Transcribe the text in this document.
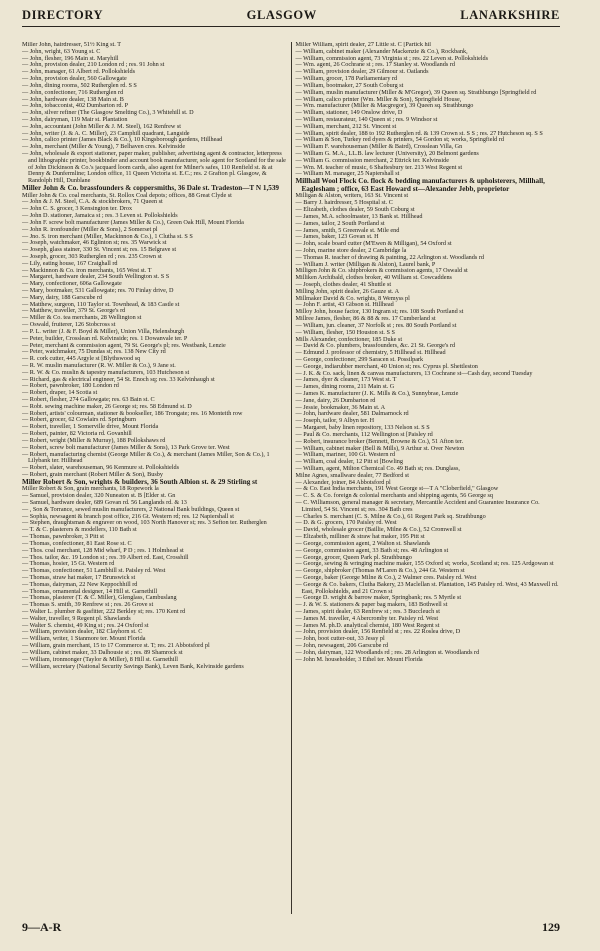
DIRECTORY	GLASGOW	LANARKSHIRE

Miller John, hairdresser, 51½ King st. T

— John, wright, 63 Young st. C

— John, flesher, 196 Main st. Maryhill

— John, provision dealer, 210 London rd ; res. 91 John st

— John, manager, 61 Albert rd. Pollokshields

— John, provision dealer, 560 Gallowgate

— John, dining rooms, 502 Rutherglen rd. S S

— John, confectioner, 716 Rutherglen rd

— John, hardware dealer, 138 Main st. B

— John, tobacconist, 402 Dumbarton rd. P

— John, silver refiner (The Glasgow Smelting Co.), 3 Whitehill st. D

— John, dairyman, 119 Mair st. Plantation

— John, accountant (John Miller & J. M. Steel), 162 Renfrew st

— John, writer (J. & A. C. Miller), 23 Camphill quadrant, Langside

— John, calico printer (James Black & Co.), 10 Kingsborough gardens, Hillhead

— John, merchant (Miller & Young), 7 Belhaven cres. Kelvinside

— John, wholesale & export stationer, paper maker, publisher, advertising agent & contractor, letterpress and lithographic printer, bookbinder and account book manufacturer, sole agent for Scotland for the sale of John Dickinson & Co.'s jacquard loom cards, also agent for Milner's safes, 110 Renfield st. & at Denny & Dunfermline; London office, 11 Queen Victoria st. E.C.; res. 2 Grafton pl. Glasgow, & Randolph Hill, Dunblane

Miller John & Co. brassfounders & coppersmiths, 36 Dale st. Tradeston—T N 1,539

Miller John & Co. coal merchants, St. Rollox Coal depots; offices, 88 Great Clyde st

— John & J. M. Steel, C.A. & stockbrokers, 71 Queen st

— John C. S. grocer, 3 Kensington ter. Drox

— John D. stationer, Jamaica st ; res. 3 Leven st. Pollokshields

— John F. screw bolt manufacturer (James Miller & Co.), Green Oak Hill, Mount Florida

— John R. ironfounder (Miller & Sons), 2 Somerset pl

— Jno. S. iron merchant (Miller, Mackinnon & Co.), 1 Clutha st. S S

— Joseph, watchmaker, 46 Eglinton st; res. 35 Warwick st

— Joseph, glass stainer, 330 St. Vincent st; res. 15 Belgrave st

— Joseph, grocer, 303 Rutherglen rd ; res. 235 Crown st

— Lily, eating house, 167 Craighall rd

— Mackinnon & Co. iron merchants, 165 West st. T

— Margaret, hardware dealer, 234 South Wellington st. S S

— Mary, confectioner, 606a Gallowgate

— Mary, bootmaker, 531 Gallowgate; res. 70 Finlay drive, D

— Mary, dairy, 188 Garscube rd

— Matthew, surgeon, 110 Taylor st. Townhead, & 183 Castle st

— Matthew, traveller, 379 St. George's rd

— Miller & Co. tea merchants, 28 Wellington st

— Oswald, fruiterer, 126 Stobcross st

— P. L. writer (J. & F. Boyd & Miller), Union Villa, Helensburgh

— Peter, builder, Crosslean rd. Kelvinside; res. 1 Dowanvale ter. P

— Peter, merchant & commission agent, 79 St. George's pl; res. Westbank, Lenzie

— Peter, watchmaker, 75 Dundas st; res. 138 New City rd

— R. cork cutter, 445 Argyle st [Blythswood sq

— R. W. muslin manufacturer (R. W. Miller & Co.), 9 Jane st.

— R. W. & Co. muslin & tapestry manufacturers, 103 Hutcheson st

— Richard, gas & electrical engineer, 54 St. Enoch sq; res. 33 Kelvinhaugh st

— Robert, pawnbroker, 180 London rd

— Robert, draper, 14 Scotia st

— Robert, flesher, 274 Gallowgate; res. 63 Bain st. C

— Robt. sewing machine maker, 26 George st; res. 58 Edmund st. D

— Robert, artists' colourman, stationer & bookseller, 186 Trongate; res. 16 Monteith row

— Robert, grocer, 62 Cowlairs rd. Springburn

— Robert, traveller, 1 Somerville drive, Mount Florida

— Robert, painter, 82 Victoria rd. Govanhill

— Robert, wright (Miller & Murray), 188 Pollokshaws rd

— Robert, screw bolt manufacturer (James Miller & Sons), 13 Park Grove ter. West

— Robert, manufacturing chemist (George Miller & Co.), & merchant (James Miller, Son & Co.), 1 Lilybank ter. Hillhead

— Robert, slater, warehouseman, 96 Kenmure st. Pollokshields

— Robert, grain merchant (Robert Miller & Son), Busby

Miller Robert & Son, wrights & builders, 36 South Albion st. & 29 Stirling st

Miller Robert & Son, grain merchants, 18 Ropework la

— Samuel, provision dealer, 320 Nuneaton st. B [Elder st. Gn

— Samuel, hardware dealer, 689 Govan rd. 56 Langlands rd. & 13

— , Son & Torrance, sewed muslin manufacturers, 2 National Bank buildings, Queen st

— Sophia, newsagent & branch post office, 216 Gt. Western rd; res. 12 Napiershall st

— Stephen, draughtsman & engraver on wood, 103 North Hanover st; res. 3 Sefton ter. Rutherglen

— T. & C. plasterers & modellers, 110 Bath st

— Thomas, pawnbroker, 3 Pitt st

— Thomas, confectioner, 81 East Rose st. C

— Thos. coal merchant, 128 Mid wharf, P D ; res. 1 Holmhead st

— Thos. tailor, &c. 19 London st ; res. 39 Albert rd. East, Crosshill

— Thomas, hosier, 15 Gt. Western rd

— Thomas, confectioner, 51 Lambhill st. Paisley rd. West

— Thomas, straw hat maker, 17 Brunswick st

— Thomas, dairyman, 22 New Keppochhill rd

— Thomas, ornamental designer, 14 Hill st. Garnethill

— Thomas, plasterer (T. & C. Miller), Glenglass, Cambuslang

— Thomas S. smith, 39 Renfrew st ; res. 26 Grove st

— Walter L. plumber & gasfitter, 222 Berkley st; res. 170 Kent rd

— Walter, traveller, 9 Regent pl. Shawlands

— Walter S. chemist, 49 King st ; res. 24 Oxford st

— William, provision dealer, 182 Clayhorn st. C

— William, writer, 1 Stanmore ter. Mount Florida

— William, grain merchant, 15 to 17 Commerce st. T; res. 21 Abbotsford pl

— William, cabinet maker, 33 Dalhousie st ; res. 89 Shamrock st

— William, ironmonger (Taylor & Miller), 8 Hill st. Garnethill

— William, secretary (National Security Savings Bank), Leven Bank, Kelvinside gardens

Miller William, spirit dealer, 27 Little st. C [Partick hil

— William, cabinet maker (Alexander Mackenzie & Co.), Rockbank,

— William, commission agent, 73 Virginia st ; res. 22 Leven st. Pollokshields

— Wm. agent, 26 Cochrane st ; res. 17 Stanley st. Woodlands rd

— William, provision dealer, 29 Gilmour st. Oatlands

— William, grocer, 178 Parliamentary rd

— William, bootmaker, 27 South Coburg st

— William, muslin manufacturer (Miller & M'Gregor), 39 Queen sq. Strathbungo [Springfield rd

— William, calico printer (Wm. Miller & Son), Springfield House,

— Wm. manufacturer (Miller & Macgregor), 39 Queen sq. Strathbungo

— William, stationer, 149 Onslow drive, D

— William, restaurateur, 140 Queen st ; res. 9 Windsor st

— William, merchant, 212 St. Vincent st

— William, spirit dealer, 188 to 192 Rutherglen rd. & 139 Crown st. S S ; res. 27 Hutcheson sq. S S

— William & Son, Turkey red dyers & printers, 54 Gordon st; works, Springfield rd

— William F. warehouseman (Miller & Baird), Crosslean Villa, Gn

— William G. M.A., LL.B. law lecturer (University), 20 Belmont gardens

— William G. commission merchant, 2 Ettrick ter. Kelvinside

— Wm. M. teacher of music, 6 Shaftesbury ter. 213 West Regent st

— William M. manager, 25 Napiershall st

Millhall Wool Flock Co. flock & bedding manufacturers & upholsterers, Millhall, Eaglesham ; office, 63 East Howard st—Alexander Jebb, proprietor

Milligan & Alston, writers, 163 St. Vincent st

— Barry J. hairdresser, 5 Hospital st. C

— Elizabeth, clothes dealer, 59 South Coburg st

— James, M.A. schoolmaster, 13 Bank st. Hillhead

— James, tailor, 2 South Portland st

— James, smith, 5 Greenvale st. Mile end

— James, baker, 123 Govan st. H

— John, scale board cutter (M'Ewen & Milligan), 54 Oxford st

— John, marine store dealer, 2 Cambridge la

— Thomas R. teacher of drawing & painting, 22 Arlington st. Woodlands rd

— William J. writer (Milligan & Alston), Laurel bank, P

Milligen John & Co. shipbrokers & commission agents, 17 Oswald st

Milliken Archibald, clothes broker, 40 William st. Cowcaddens

— Joseph, clothes dealer, 41 Shuttle st

Milling John, spirit dealer, 26 Gauze st. A

Millmaker David & Co. wrights, 8 Wemyss pl

— John F. artist, 43 Gibson st. Hillhead

Milloy John, house factor, 130 Ingram st; res. 108 South Portland st

Millree James, flesher, 86 & 88 & res. 17 Cumberland st

— William, jun. cleaner, 37 Norfolk st ; res. 80 South Portland st

— William, flesher, 150 Houston st. S S

Mills Alexander, confectioner, 185 Duke st

— David & Co. plumbers, brassfounders, &c. 21 St. George's rd

— Edmund J. professor of chemistry, 5 Hillhead st. Hillhead

— George, confectioner, 299 Saracen st. Possilpark

— George, indiarubber merchant, 40 Union st; res. Cyprus pl. Shettleston

— J. K. & Co. sack, linen & canvas manufacturers, 13 Cochrane st—Cash day, second Tuesday

— James, dyer & cleaner, 173 West st. T

— James, dining rooms, 211 Main st. G

— James K. manufacturer (J. K. Mills & Co.), Sunnybrae, Lenzie

— Jane, dairy, 26 Dumbarton rd

— Jessie, bookmaker, 36 Main st. A

— John, hardware dealer, 581 Dalmarnock rd

— Joseph, tailor, 9 Albyn ter. H

— Margaret, baby linen repository, 133 Nelson st. S S

— Paul & Co. merchants, 112 Wellington st [Paisley rd

— Robert, insurance broker (Bennett, Browne & Co.), 51 Afton ter.

— William, cabinet maker (Bell & Mills), 9 Arthur st. Over Newton

— William, mariner, 100 Gt. Western rd

— William, coal dealer, 12 Pitt st [Bowling

— William, agent, Milton Chemical Co. 49 Bath st; res. Dunglass,

Milne Agnes, smallware dealer, 77 Bedford st

— Alexander, joiner, 84 Abbotsford pl

— & Co. East India merchants, 191 West George st—T A "Cloberfield," Glasgow

— C. S. & Co. foreign & colonial merchants and shipping agents, 56 George sq

— C. Williamson, general manager & secretary, Mercantile Accident and Guarantee Insurance Co. Limited, 54 St. Vincent st; res. 304 Bath cres

— Charles S. merchant (C. S. Milne & Co.), 61 Regent Park sq. Strathbungo

— D. & G. grocers, 170 Paisley rd. West

— David, wholesale grocer (Baillie, Milne & Co.), 52 Cromwell st

— Elizabeth, milliner & straw hat maker, 195 Pitt st

— George, commission agent, 2 Walton st. Shawlands

— George, commission agent, 33 Bath st; res. 48 Arlington st

— George, grocer, Queen Park pl. Strathbungo

— George, sewing & wringing machine maker, 155 Oxford st; works, Scotland st; res. 125 Ardgowan st

— George, shipbroker (Thomas M'Laren & Co.), 244 Gt. Western st

— George, baker (George Milne & Co.), 2 Walmer cres. Paisley rd. West

— George & Co. bakers, Clutha Bakery, 23 Maclellan st. Plantation, 145 Paisley rd. West, 43 Maxwell rd. East, Pollokshields, and 21 Crown st

— George D. wright & barrow maker, Springbank; res. 5 Myrtle st

— J. & W. S. stationers & paper bag makers, 183 Bothwell st

— James, spirit dealer, 63 Renfrew st ; res. 3 Buccleuch st

— James M. traveller, 4 Abercromby ter. Paisley rd. West

— James M. ph.D. analytical chemist, 180 West Regent st

— John, provision dealer, 156 Renfield st ; res. 22 Roslea drive, D

— John, boot cutter-out, 33 Jessy pl

— John, newsagent, 206 Garscube rd

— John, dairyman, 122 Woodlands rd ; res. 28 Arlington st. Woodlands rd

— John M. householder, 3 Ethel ter. Mount Florida

9—A-R	129
